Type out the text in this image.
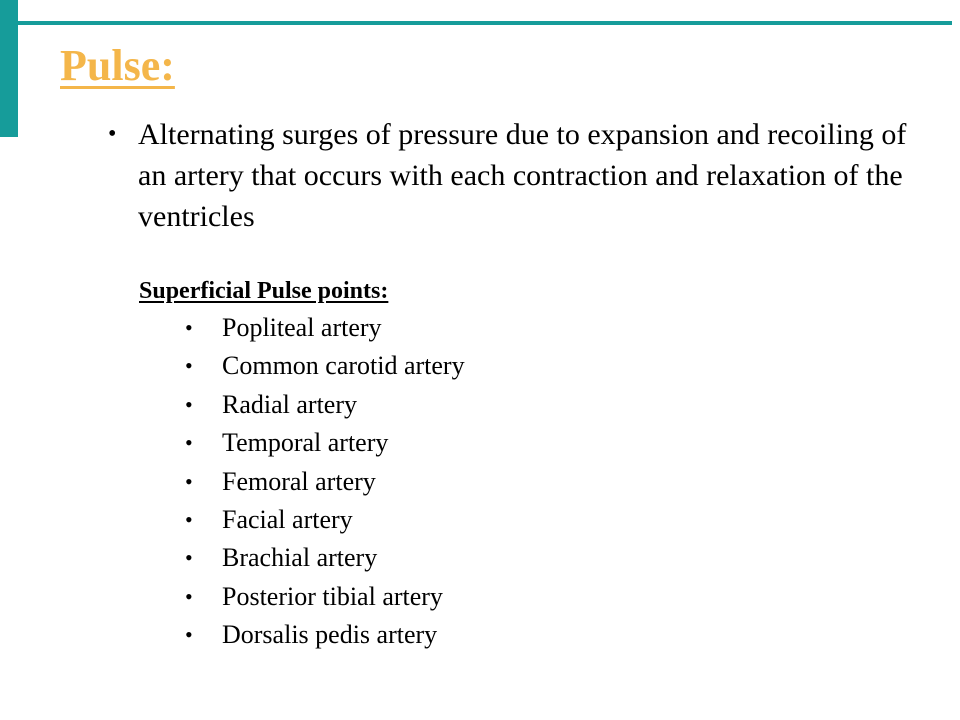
Pulse:
• Alternating surges of pressure due to expansion and recoiling of an artery that occurs with each contraction and relaxation of the ventricles
Superficial Pulse points:
•	Popliteal artery
•	Common carotid artery
•	Radial artery
•	Temporal artery
•	Femoral artery
•	Facial artery
•	Brachial artery
•	Posterior tibial artery
•	Dorsalis pedis artery
